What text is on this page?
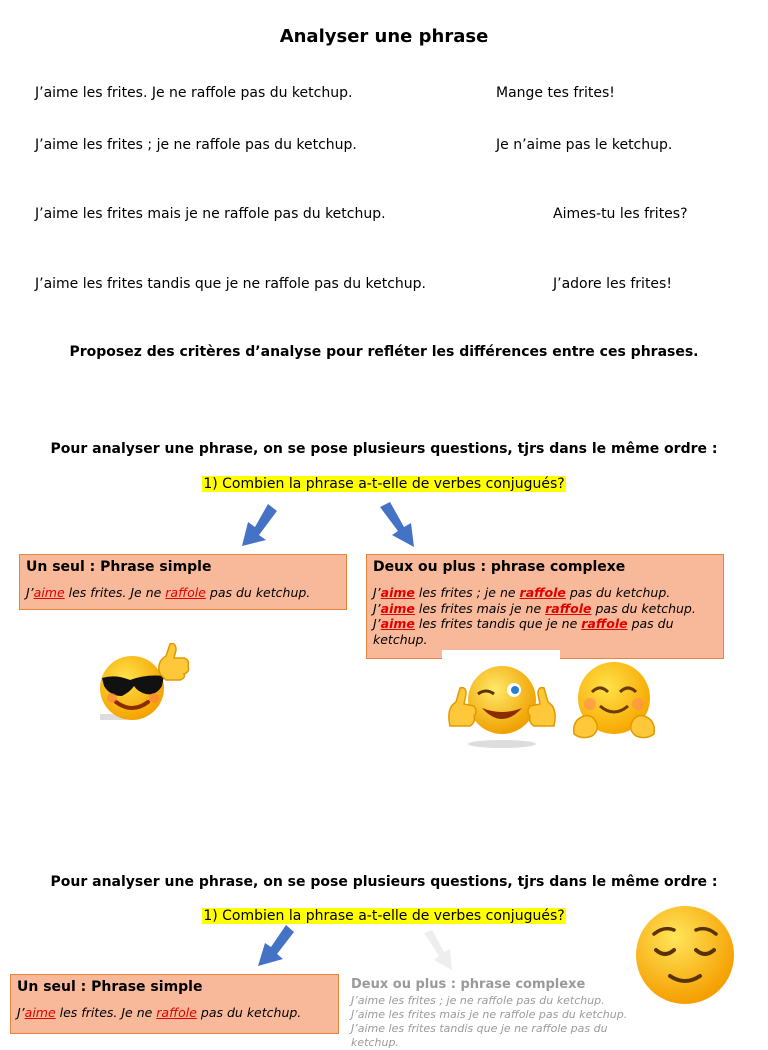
Analyser une phrase
J’aime les frites. Je ne raffole pas du ketchup.
J’aime les frites ; je ne raffole pas du ketchup.
J’aime les frites mais je ne raffole pas du ketchup.
J’aime les frites tandis que je ne raffole pas du ketchup.
Mange tes frites!
Je n’aime pas le ketchup.
Aimes-tu les frites?
J’adore les frites!
Proposez des critères d’analyse pour refléter les différences entre ces phrases.
Pour analyser une phrase, on se pose plusieurs questions, tjrs dans le même ordre :
1) Combien la phrase a-t-elle de verbes conjugués?
Un seul : Phrase simple
J’aime les frites. Je ne raffole pas du ketchup.
Deux ou plus : phrase complexe
J’aime les frites ; je ne raffole pas du ketchup.
J’aime les frites mais je ne raffole pas du ketchup.
J’aime les frites tandis que je ne raffole pas du ketchup.
Pour analyser une phrase, on se pose plusieurs questions, tjrs dans le même ordre :
1) Combien la phrase a-t-elle de verbes conjugués?
Un seul : Phrase simple
J’aime les frites. Je ne raffole pas du ketchup.
Deux ou plus : phrase complexe
J’aime les frites ; je ne raffole pas du ketchup.
J’aime les frites mais je ne raffole pas du ketchup.
J’aime les frites tandis que je ne raffole pas du ketchup.
